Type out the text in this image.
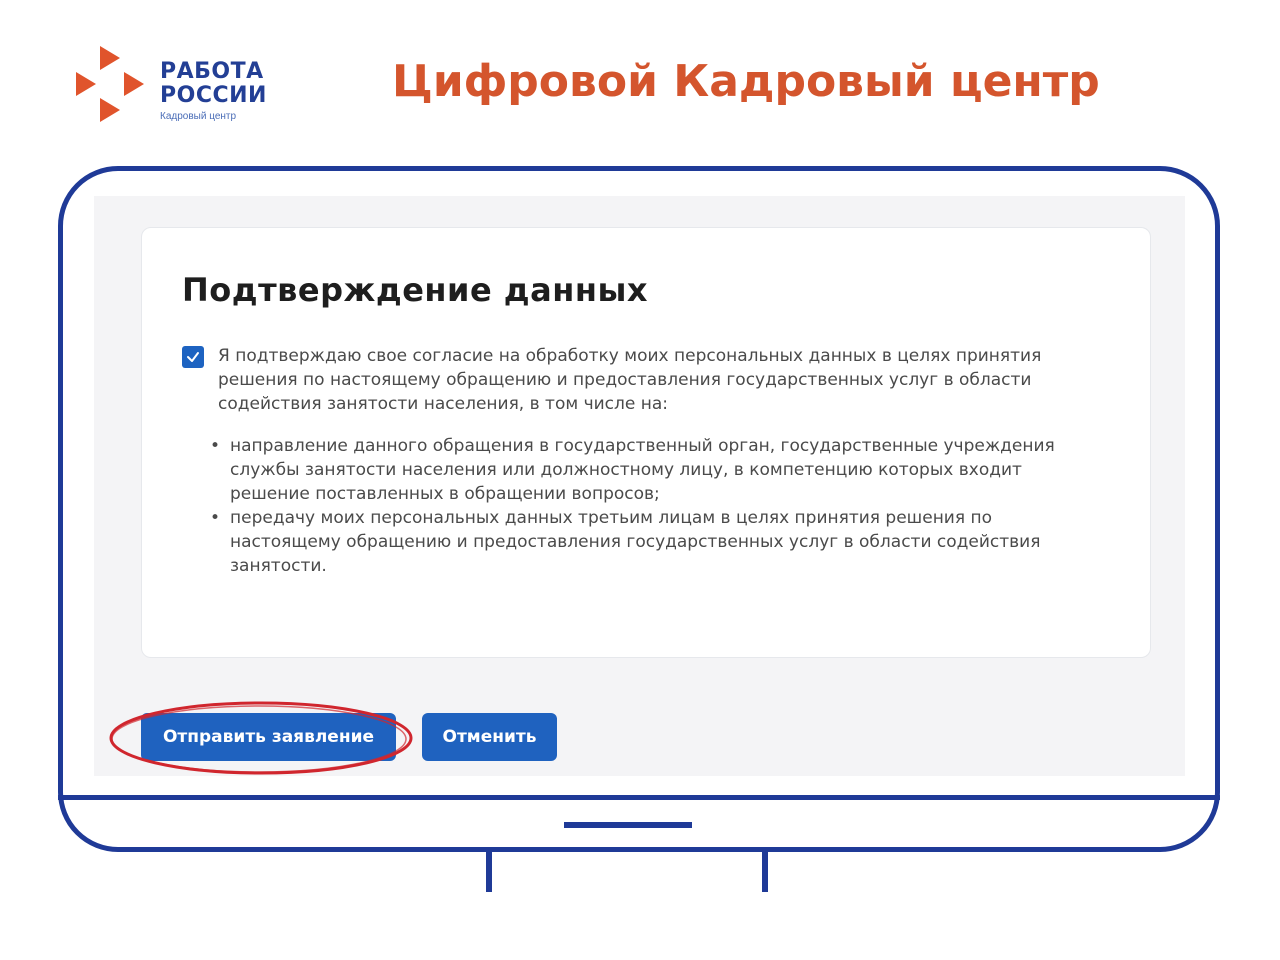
РАБОТА
РОССИИ
Кадровый центр
Цифровой Кадровый центр
Подтверждение данных

Я подтверждаю свое согласие на обработку моих персональных данных в целях принятия решения по настоящему обращению и предоставления государственных услуг в области содействия занятости населения, в том числе на:

• направление данного обращения в государственный орган, государственные учреждения службы занятости населения или должностному лицу, в компетенцию которых входит решение поставленных в обращении вопросов;
• передачу моих персональных данных третьим лицам в целях принятия решения по настоящему обращению и предоставления государственных услуг в области содействия занятости.
Отправить заявление	Отменить
